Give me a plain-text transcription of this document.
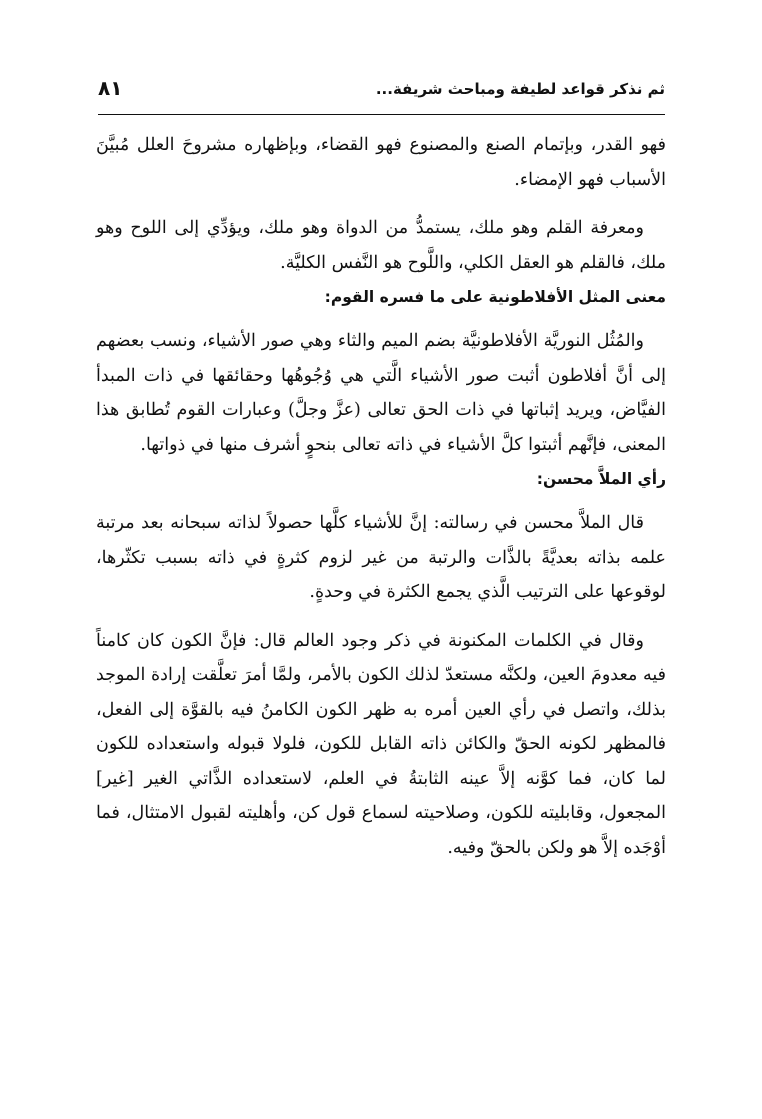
٨١	ثم نذكر قواعد لطيفة ومباحث شريفة...

فهو القدر، وبإتمام الصنع والمصنوع فهو القضاء، وبإظهاره مشروحَ العلل مُبيَّنَ الأسباب فهو الإمضاء.

ومعرفة القلم وهو ملك، يستمدُّ من الدواة وهو ملك، ويؤدِّي إلى اللوح وهو ملك، فالقلم هو العقل الكلي، واللَّوح هو النَّفس الكليَّة.

معنى المثل الأفلاطونية على ما فسره القوم:

والمُثُل النوريَّة الأفلاطونيَّة بضم الميم والثاء وهي صور الأشياء، ونسب بعضهم إلى أنَّ أفلاطون أثبت صور الأشياء الَّتي هي وُجُوهُها وحقائقها في ذات المبدأ الفيَّاض، ويريد إثباتها في ذات الحق تعالى (عزَّ وجلَّ) وعبارات القوم تُطابق هذا المعنى، فإنَّهم أثبتوا كلَّ الأشياء في ذاته تعالى بنحوٍ أشرف منها في ذواتها.

رأي الملاَّ محسن:

قال الملاَّ محسن في رسالته: إنَّ للأشياء كلَّها حصولاً لذاته سبحانه بعد مرتبة علمه بذاته بعديَّةً بالذَّات والرتبة من غير لزوم كثرةٍ في ذاته بسبب تكثّرها، لوقوعها على الترتيب الَّذي يجمع الكثرة في وحدةٍ.

وقال في الكلمات المكنونة في ذكر وجود العالم قال: فإنَّ الكون كان كامناً فيه معدومَ العين، ولكنَّه مستعدّ لذلك الكون بالأمر، ولمَّا أمرَ تعلَّقت إرادة الموجد بذلك، واتصل في رأي العين أمره به ظهر الكون الكامنُ فيه بالقوَّة إلى الفعل، فالمظهر لكونه الحقّ والكائن ذاته القابل للكون، فلولا قبوله واستعداده للكون لما كان، فما كوَّنه إلاَّ عينه الثابتةُ في العلم، لاستعداده الذَّاتي الغير [غير] المجعول، وقابليته للكون، وصلاحيته لسماع قول كن، وأهليته لقبول الامتثال، فما أوْجَده إلاَّ هو ولكن بالحقّ وفيه.
